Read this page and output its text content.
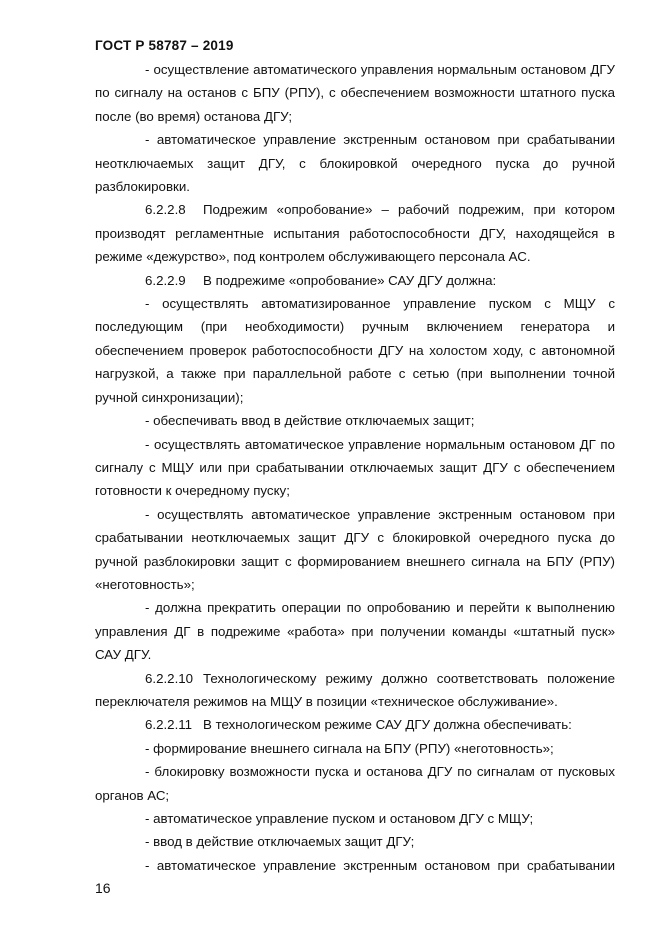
ГОСТ Р 58787 – 2019

- осуществление автоматического управления нормальным остановом ДГУ по сигналу на останов с БПУ (РПУ), с обеспечением возможности штатного пуска после (во время) останова ДГУ;

- автоматическое управление экстренным остановом при срабатывании неотключаемых защит ДГУ, с блокировкой очередного пуска до ручной разблокировки.

6.2.2.8 Подрежим «опробование» – рабочий подрежим, при котором производят регламентные испытания работоспособности ДГУ, находящейся в режиме «дежурство», под контролем обслуживающего персонала АС.

6.2.2.9 В подрежиме «опробование» САУ ДГУ должна:

- осуществлять автоматизированное управление пуском с МЩУ с последующим (при необходимости) ручным включением генератора и обеспечением проверок работоспособности ДГУ на холостом ходу, с автономной нагрузкой, а также при параллельной работе с сетью (при выполнении точной ручной синхронизации);

- обеспечивать ввод в действие отключаемых защит;

- осуществлять автоматическое управление нормальным остановом ДГ по сигналу с МЩУ или при срабатывании отключаемых защит ДГУ с обеспечением готовности к очередному пуску;

- осуществлять автоматическое управление экстренным остановом при срабатывании неотключаемых защит ДГУ с блокировкой очередного пуска до ручной разблокировки защит с формированием внешнего сигнала на БПУ (РПУ) «неготовность»;

- должна прекратить операции по опробованию и перейти к выполнению управления ДГ в подрежиме «работа» при получении команды «штатный пуск» САУ ДГУ.

6.2.2.10 Технологическому режиму должно соответствовать положение переключателя режимов на МЩУ в позиции «техническое обслуживание».

6.2.2.11 В технологическом режиме САУ ДГУ должна обеспечивать:

- формирование внешнего сигнала на БПУ (РПУ) «неготовность»;

- блокировку возможности пуска и останова ДГУ по сигналам от пусковых органов АС;

- автоматическое управление пуском и остановом ДГУ с МЩУ;

- ввод в действие отключаемых защит ДГУ;

- автоматическое управление экстренным остановом при срабатывании

16
